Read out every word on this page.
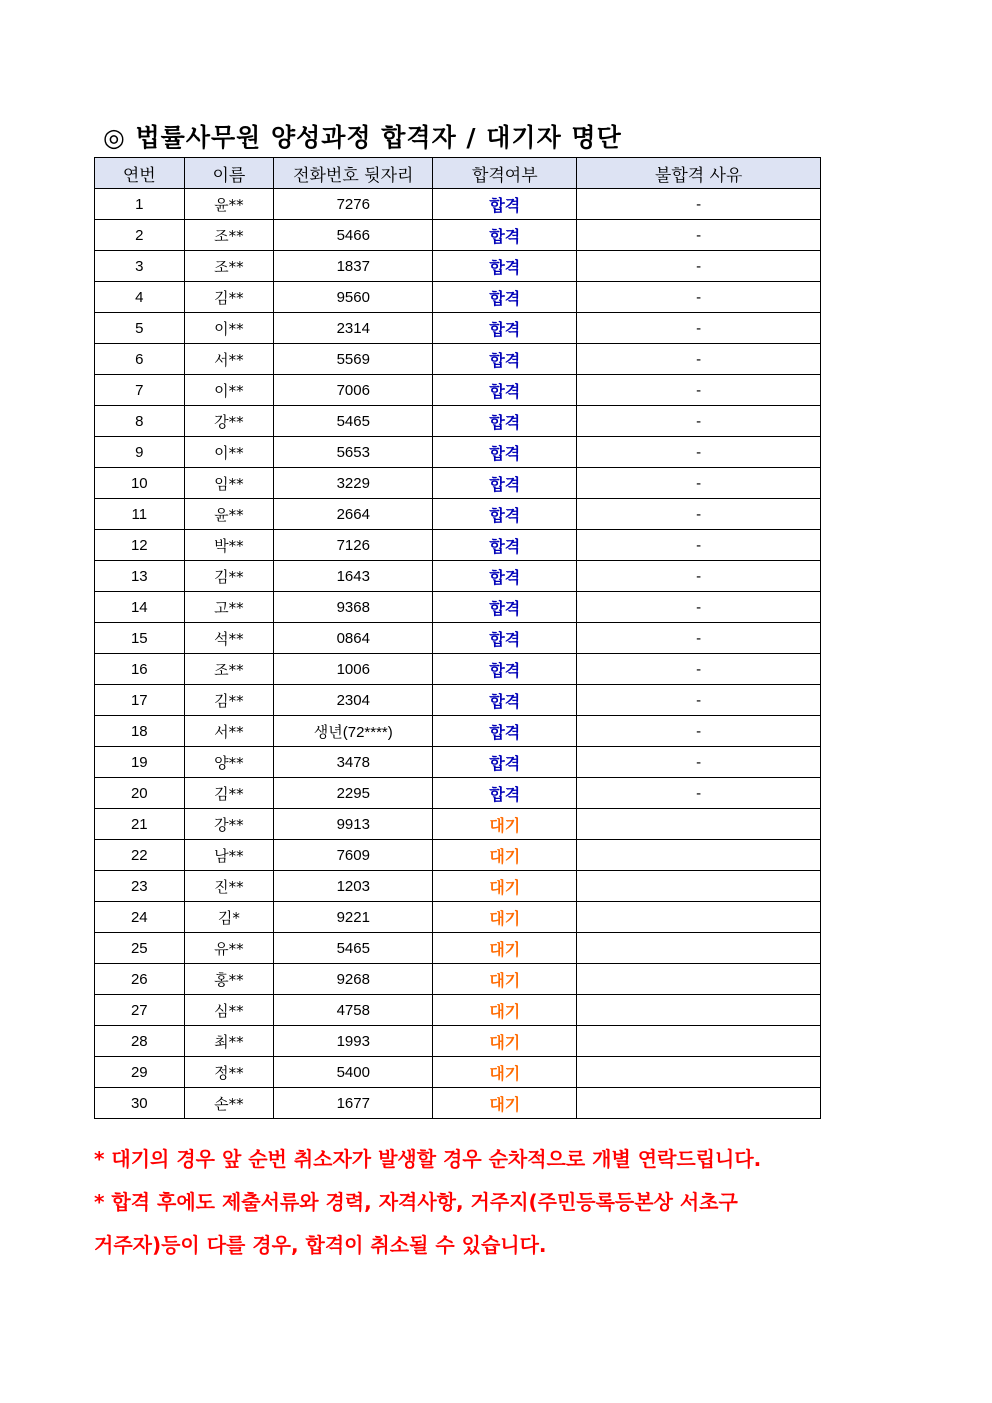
◎ 법률사무원 양성과정 합격자 / 대기자 명단
연번	이름	전화번호 뒷자리	합격여부	불합격 사유
1	윤**	7276	합격	-
2	조**	5466	합격	-
3	조**	1837	합격	-
4	김**	9560	합격	-
5	이**	2314	합격	-
6	서**	5569	합격	-
7	이**	7006	합격	-
8	강**	5465	합격	-
9	이**	5653	합격	-
10	임**	3229	합격	-
11	윤**	2664	합격	-
12	박**	7126	합격	-
13	김**	1643	합격	-
14	고**	9368	합격	-
15	석**	0864	합격	-
16	조**	1006	합격	-
17	김**	2304	합격	-
18	서**	생년(72****)	합격	-
19	양**	3478	합격	-
20	김**	2295	합격	-
21	강**	9913	대기	
22	남**	7609	대기	
23	진**	1203	대기	
24	김*	9221	대기	
25	유**	5465	대기	
26	홍**	9268	대기	
27	심**	4758	대기	
28	최**	1993	대기	
29	정**	5400	대기	
30	손**	1677	대기	
* 대기의 경우 앞 순번 취소자가 발생할 경우 순차적으로 개별 연락드립니다.
* 합격 후에도 제출서류와 경력, 자격사항, 거주지(주민등록등본상 서초구
거주자)등이 다를 경우, 합격이 취소될 수 있습니다.
